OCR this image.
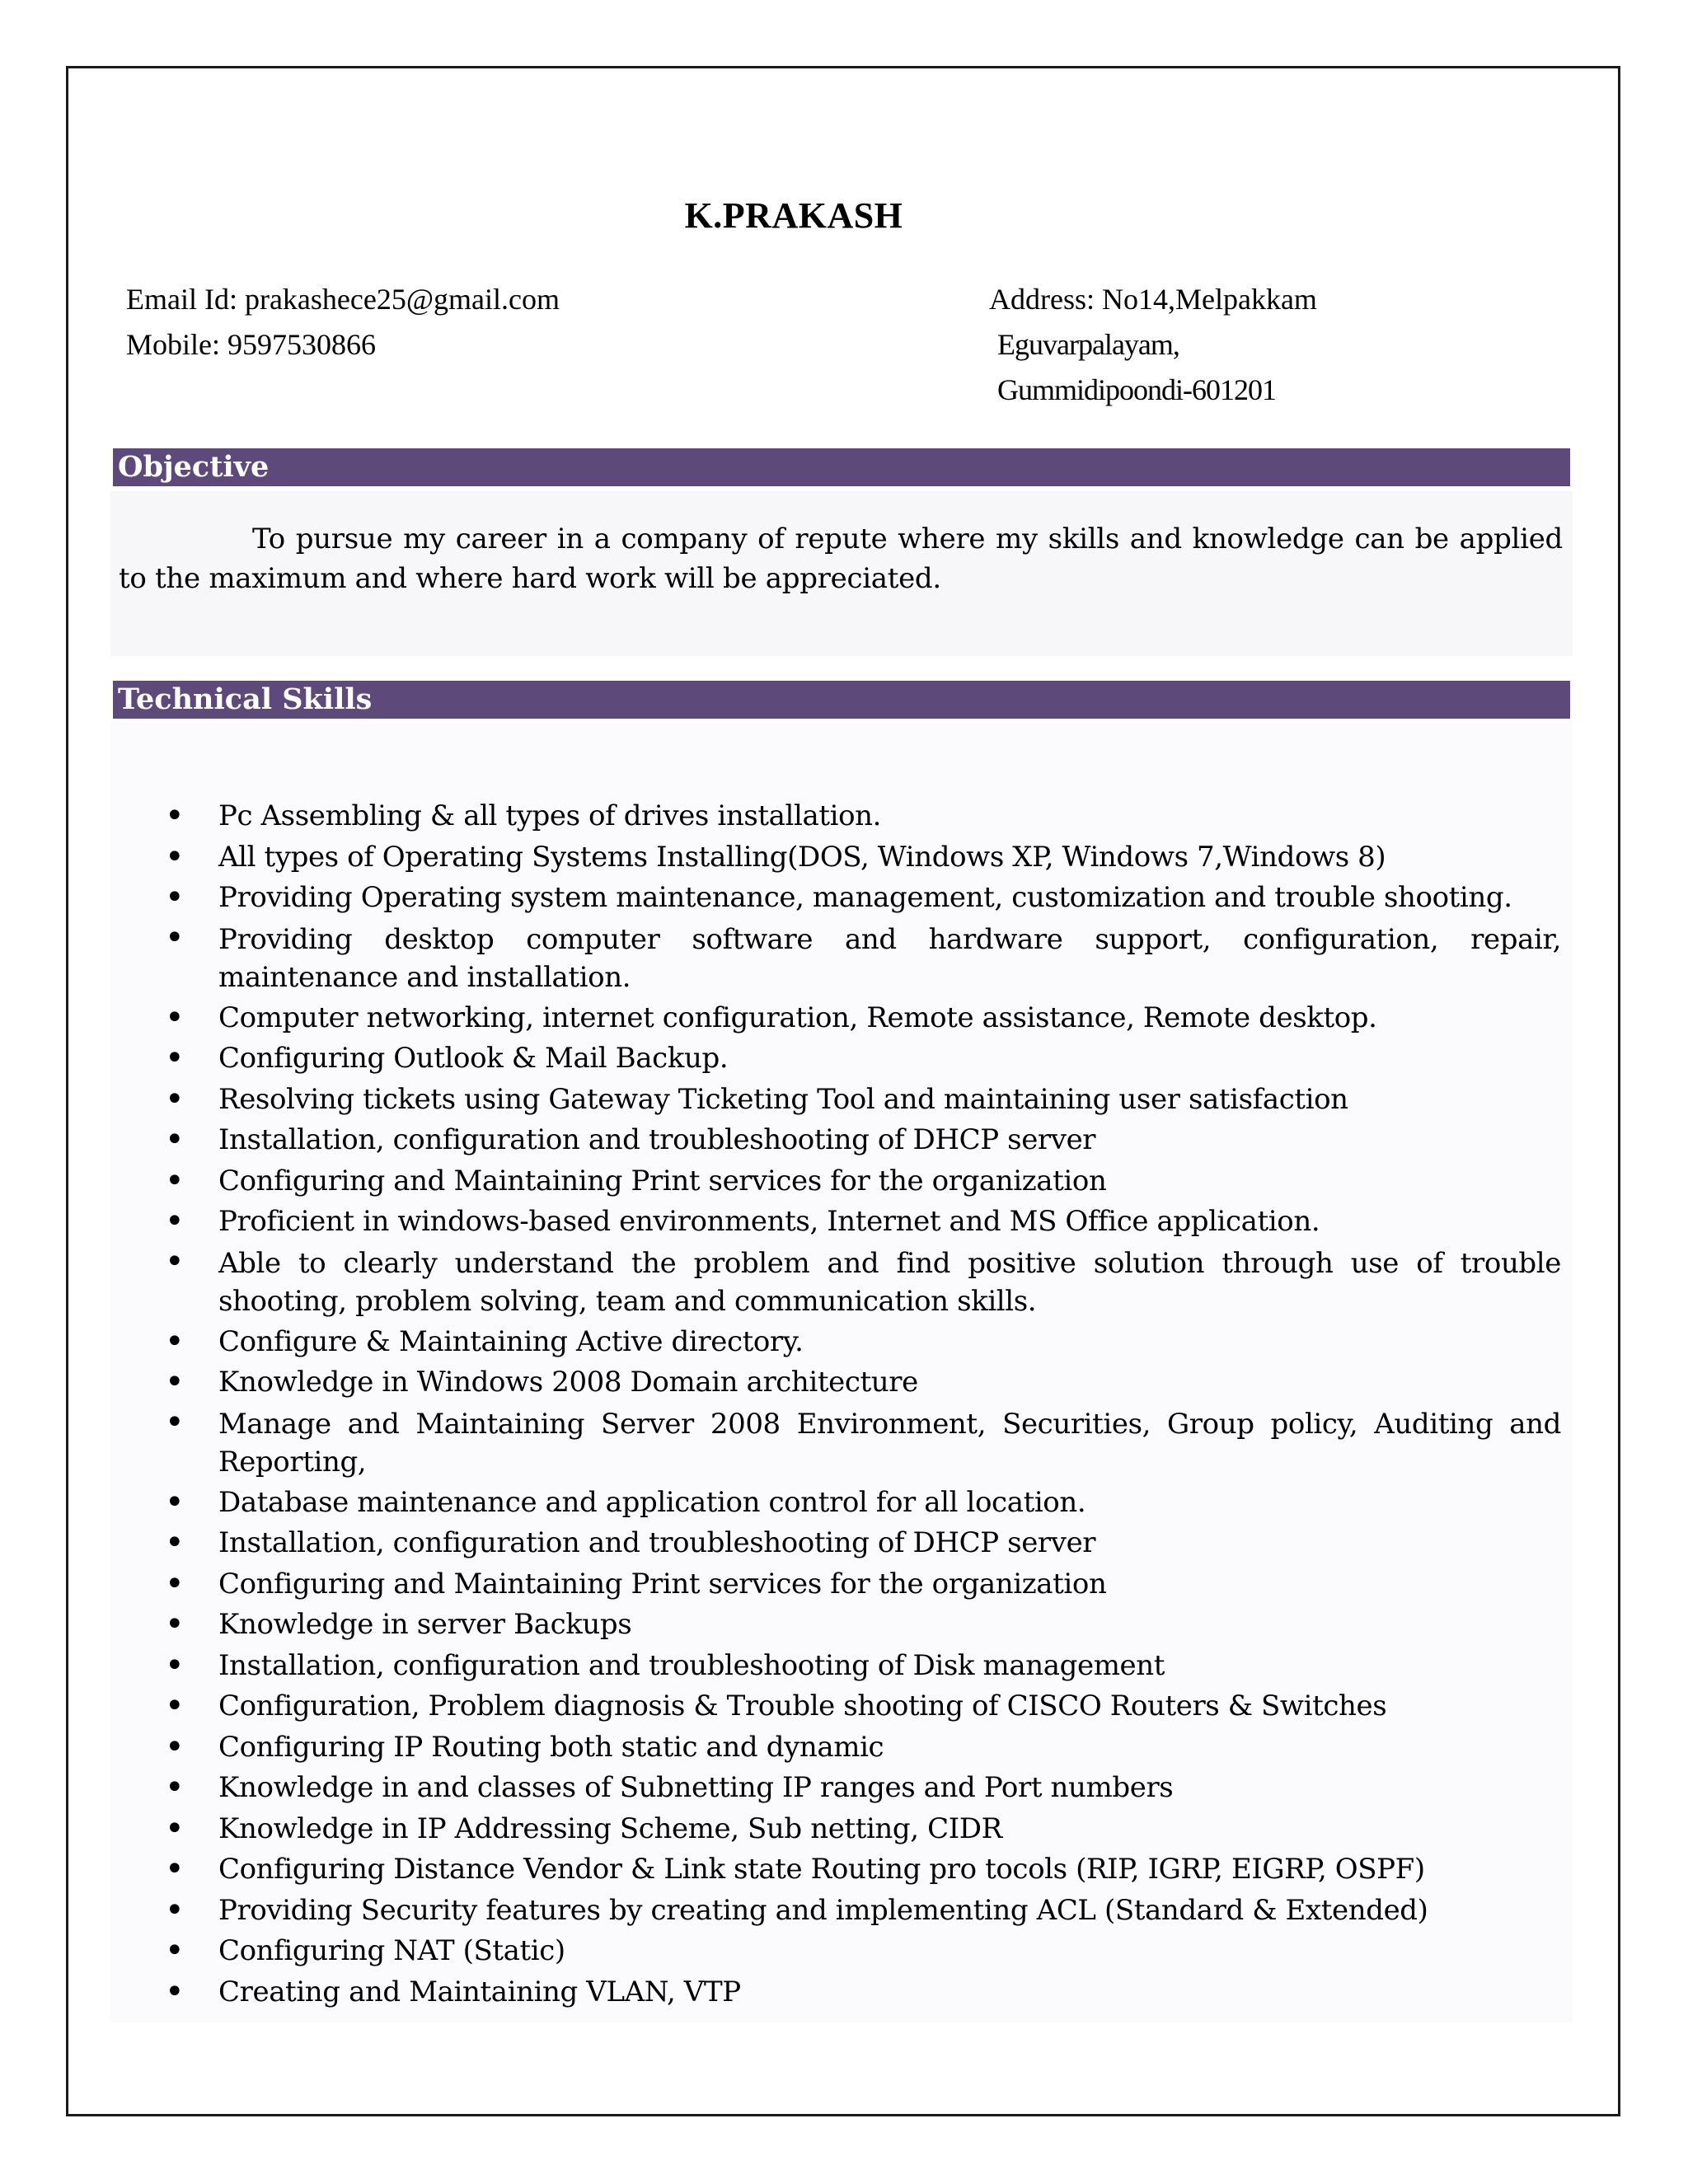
K.PRAKASH
Email Id: prakashece25@gmail.com
Mobile: 9597530866
Address: No14,Melpakkam
Eguvarpalayam,
Gummidipoondi-601201
Objective
To pursue my career in a company of repute where my skills and knowledge can be applied to the maximum and where hard work will be appreciated.
Technical Skills
• Pc Assembling & all types of drives installation.
• All types of Operating Systems Installing(DOS, Windows XP, Windows 7,Windows 8)
• Providing Operating system maintenance, management, customization and trouble shooting.
• Providing desktop computer software and hardware support, configuration, repair, maintenance and installation.
• Computer networking, internet configuration, Remote assistance, Remote desktop.
• Configuring Outlook & Mail Backup.
• Resolving tickets using Gateway Ticketing Tool and maintaining user satisfaction
• Installation, configuration and troubleshooting of DHCP server
• Configuring and Maintaining Print services for the organization
• Proficient in windows-based environments, Internet and MS Office application.
• Able to clearly understand the problem and find positive solution through use of trouble shooting, problem solving, team and communication skills.
• Configure & Maintaining Active directory.
• Knowledge in Windows 2008 Domain architecture
• Manage and Maintaining Server 2008 Environment, Securities, Group policy, Auditing and Reporting,
• Database maintenance and application control for all location.
• Installation, configuration and troubleshooting of DHCP server
• Configuring and Maintaining Print services for the organization
• Knowledge in server Backups
• Installation, configuration and troubleshooting of Disk management
• Configuration, Problem diagnosis & Trouble shooting of CISCO Routers & Switches
• Configuring IP Routing both static and dynamic
• Knowledge in and classes of Subnetting IP ranges and Port numbers
• Knowledge in IP Addressing Scheme, Sub netting, CIDR
• Configuring Distance Vendor & Link state Routing pro tocols (RIP, IGRP, EIGRP, OSPF)
• Providing Security features by creating and implementing ACL (Standard & Extended)
• Configuring NAT (Static)
• Creating and Maintaining VLAN, VTP
